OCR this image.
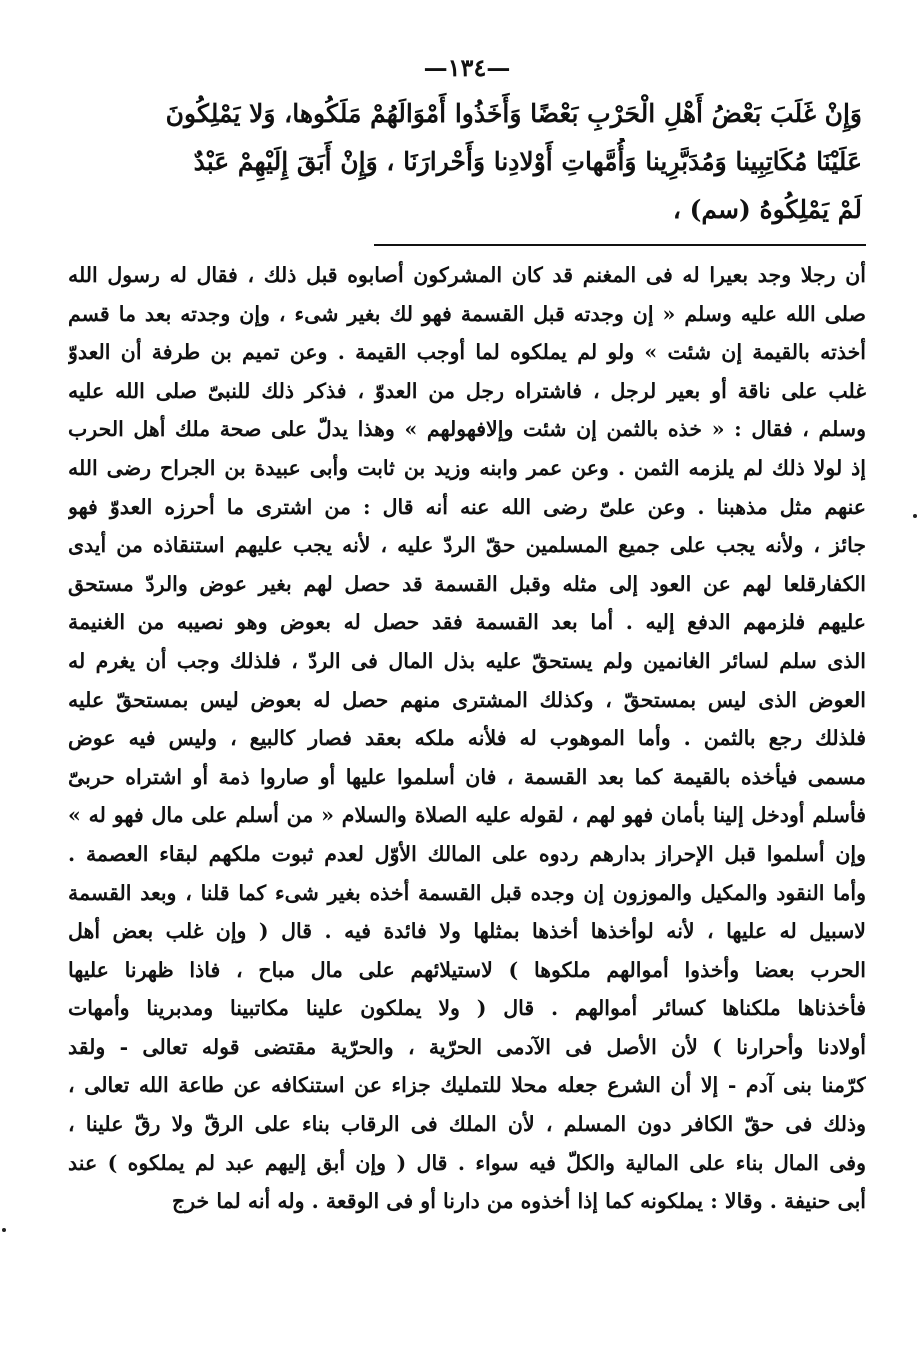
—١٣٤—
وَإِنْ غَلَبَ بَعْضُ أَهْلِ الْحَرْبِ بَعْضًا وَأَخَذُوا أَمْوَالَهُمْ مَلَكُوها، وَلا يَمْلِكُونَ
عَلَيْنَا مُكَاتِبِينا وَمُدَبَّرِينا وَأُمَّهاتِ أَوْلادِنا وَأَحْرارَنَا ، وَإِنْ أَبَقَ إِلَيْهِمْ عَبْدٌ
لَمْ يَمْلِكُوهُ (سم) ،
أن رجلا وجد بعيرا له فى المغنم قد كان المشركون أصابوه قبل ذلك ، فقال له رسول الله
صلى الله عليه وسلم « إن وجدته قبل القسمة فهو لك بغير شىء ، وإن وجدته بعد ما قسم
أخذته بالقيمة إن شئت » ولو لم يملكوه لما أوجب القيمة . وعن تميم بن طرفة أن العدوّ
غلب على ناقة أو بعير لرجل ، فاشتراه رجل من العدوّ ، فذكر ذلك للنبىّ صلى الله عليه
وسلم ، فقال : « خذه بالثمن إن شئت وإلافهولهم » وهذا يدلّ على صحة ملك أهل الحرب
إذ لولا ذلك لم يلزمه الثمن . وعن عمر وابنه وزيد بن ثابت وأبى عبيدة بن الجراح رضى الله
عنهم مثل مذهبنا . وعن علىّ رضى الله عنه أنه قال : من اشترى ما أحرزه العدوّ فهو
جائز ، ولأنه يجب على جميع المسلمين حقّ الردّ عليه ، لأنه يجب عليهم استنقاذه من أيدى
الكفارقلعا لهم عن العود إلى مثله وقبل القسمة قد حصل لهم بغير عوض والردّ مستحق
عليهم فلزمهم الدفع إليه . أما بعد القسمة فقد حصل له بعوض وهو نصيبه من الغنيمة
الذى سلم لسائر الغانمين ولم يستحقّ عليه بذل المال فى الردّ ، فلذلك وجب أن يغرم له
العوض الذى ليس بمستحقّ ، وكذلك المشترى منهم حصل له بعوض ليس بمستحقّ عليه
فلذلك رجع بالثمن . وأما الموهوب له فلأنه ملكه بعقد فصار كالبيع ، وليس فيه عوض
مسمى فيأخذه بالقيمة كما بعد القسمة ، فان أسلموا عليها أو صاروا ذمة أو اشتراه حربىّ
فأسلم أودخل إلينا بأمان فهو لهم ، لقوله عليه الصلاة والسلام « من أسلم على مال فهو له »
وإن أسلموا قبل الإحراز بدارهم ردوه على المالك الأوّل لعدم ثبوت ملكهم لبقاء العصمة .
وأما النقود والمكيل والموزون إن وجده قبل القسمة أخذه بغير شىء كما قلنا ، وبعد القسمة
لاسبيل له عليها ، لأنه لوأخذها أخذها بمثلها ولا فائدة فيه . قال ( وإن غلب بعض أهل
الحرب بعضا وأخذوا أموالهم ملكوها ) لاستيلائهم على مال مباح ، فاذا ظهرنا عليها
فأخذناها ملكناها كسائر أموالهم . قال ( ولا يملكون علينا مكاتبينا ومدبرينا وأمهات
أولادنا وأحرارنا ) لأن الأصل فى الآدمى الحرّية ، والحرّية مقتضى قوله تعالى - ولقد
كرّمنا بنى آدم - إلا أن الشرع جعله محلا للتمليك جزاء عن استنكافه عن طاعة الله تعالى ،
وذلك فى حقّ الكافر دون المسلم ، لأن الملك فى الرقاب بناء على الرقّ ولا رقّ علينا ،
وفى المال بناء على المالية والكلّ فيه سواء . قال ( وإن أبق إليهم عبد لم يملكوه ) عند
أبى حنيفة . وقالا : يملكونه كما إذا أخذوه من دارنا أو فى الوقعة . وله أنه لما خرج
